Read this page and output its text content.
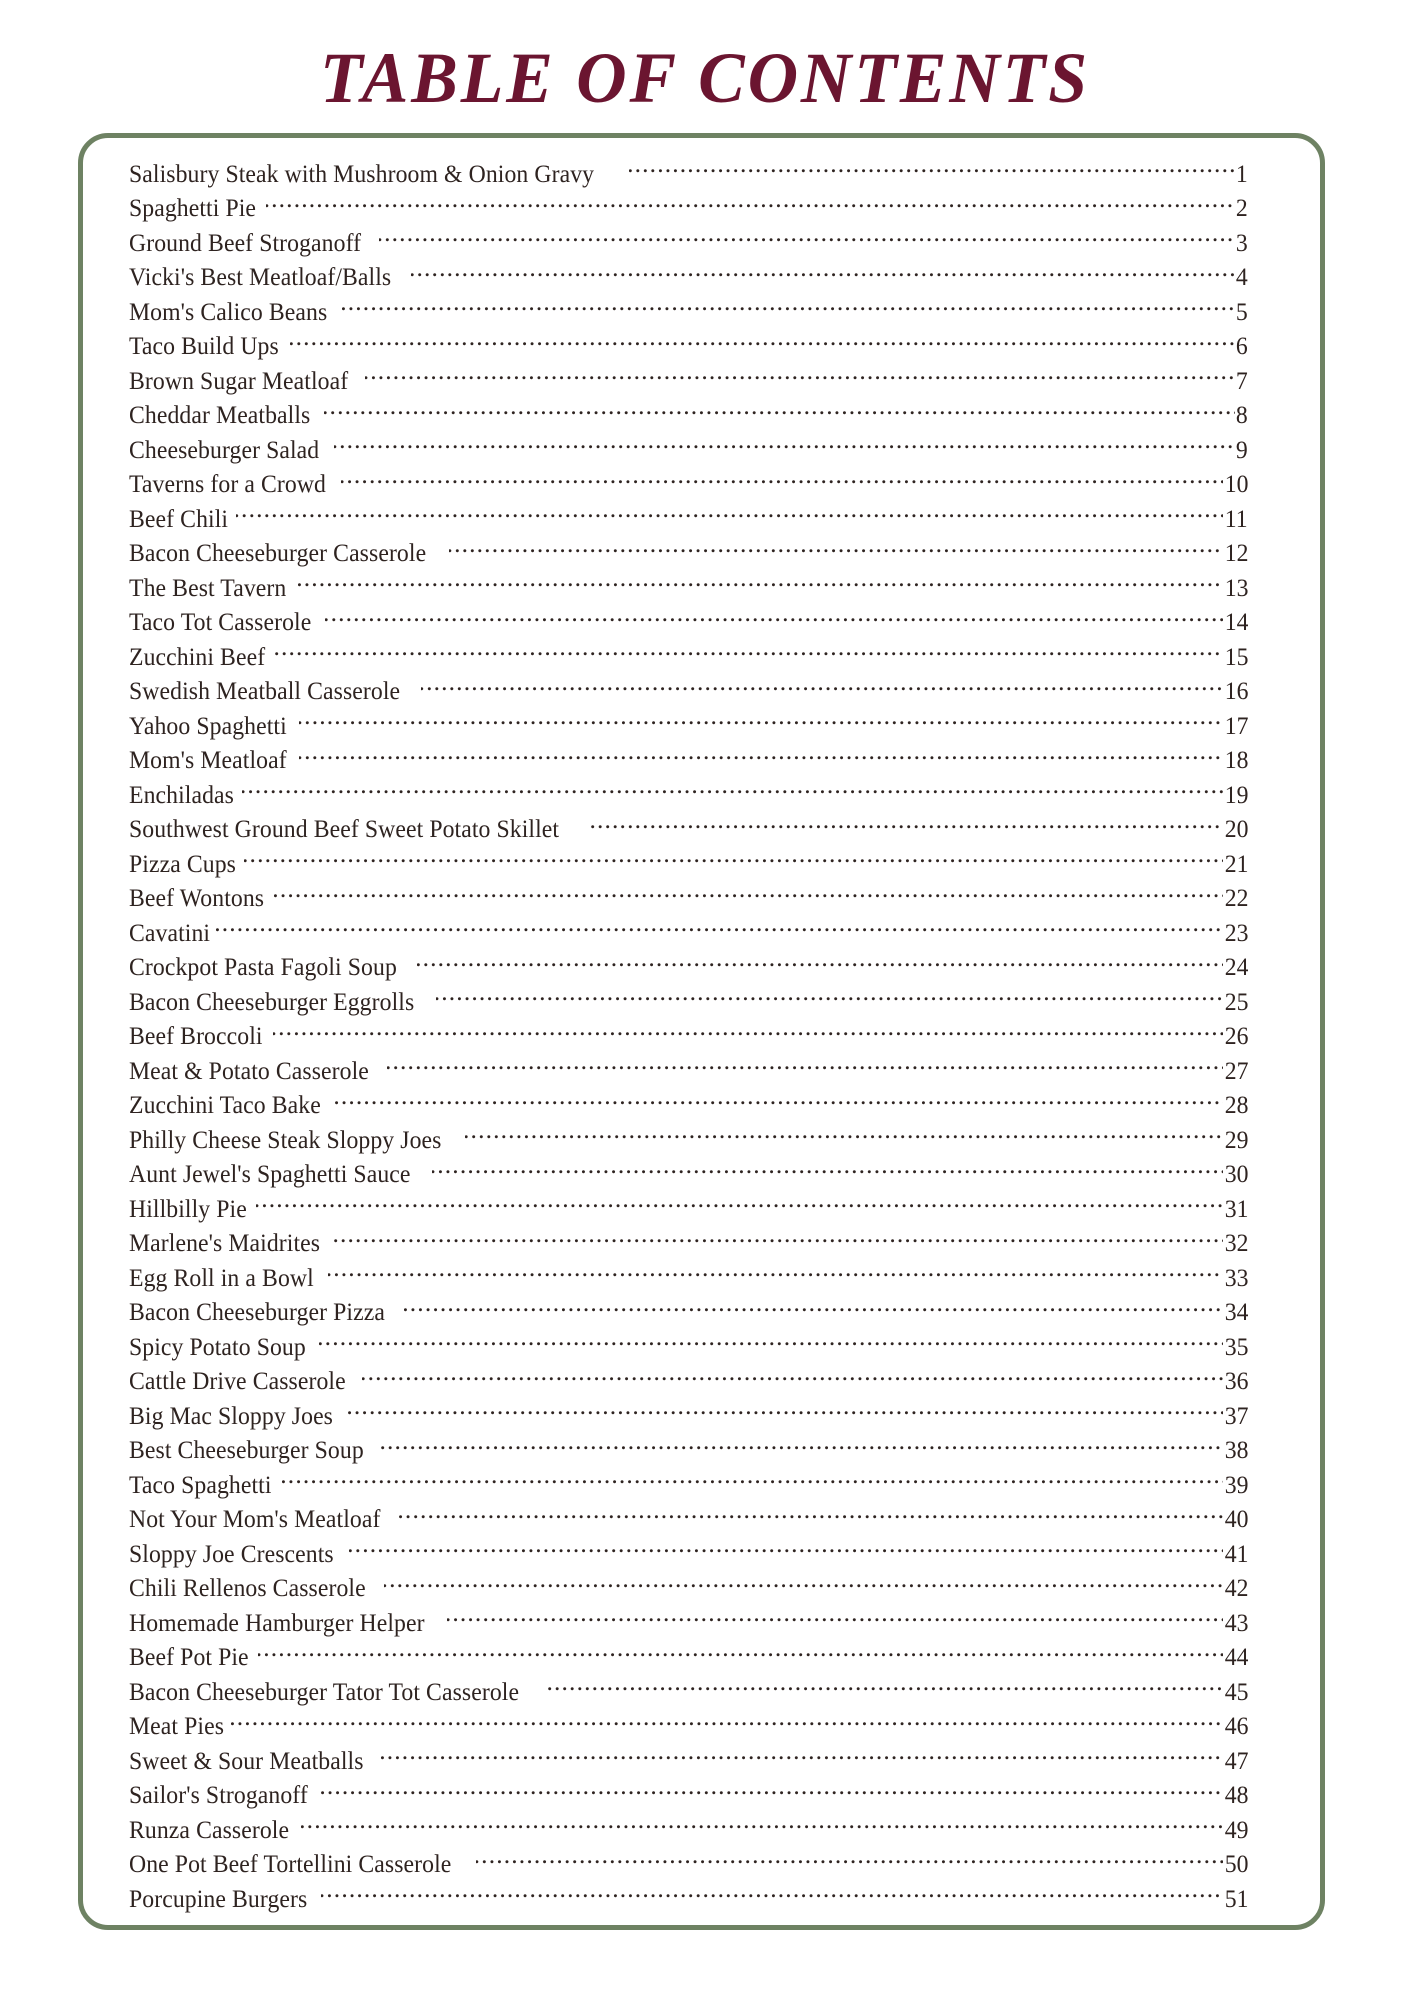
TABLE OF CONTENTS
Salisbury Steak with Mushroom & Onion Gravy .....	1
Spaghetti Pie .....	2
Ground Beef Stroganoff .....	3
Vicki's Best Meatloaf/Balls .....	4
Mom's Calico Beans .....	5
Taco Build Ups .....	6
Brown Sugar Meatloaf .....	7
Cheddar Meatballs .....	8
Cheeseburger Salad .....	9
Taverns for a Crowd .....	10
Beef Chili .....	11
Bacon Cheeseburger Casserole .....	12
The Best Tavern .....	13
Taco Tot Casserole .....	14
Zucchini Beef .....	15
Swedish Meatball Casserole .....	16
Yahoo Spaghetti .....	17
Mom's Meatloaf .....	18
Enchiladas .....	19
Southwest Ground Beef Sweet Potato Skillet .....	20
Pizza Cups .....	21
Beef Wontons .....	22
Cavatini .....	23
Crockpot Pasta Fagoli Soup .....	24
Bacon Cheeseburger Eggrolls .....	25
Beef Broccoli .....	26
Meat & Potato Casserole .....	27
Zucchini Taco Bake .....	28
Philly Cheese Steak Sloppy Joes .....	29
Aunt Jewel's Spaghetti Sauce .....	30
Hillbilly Pie .....	31
Marlene's Maidrites .....	32
Egg Roll in a Bowl .....	33
Bacon Cheeseburger Pizza .....	34
Spicy Potato Soup .....	35
Cattle Drive Casserole .....	36
Big Mac Sloppy Joes .....	37
Best Cheeseburger Soup .....	38
Taco Spaghetti .....	39
Not Your Mom's Meatloaf .....	40
Sloppy Joe Crescents .....	41
Chili Rellenos Casserole .....	42
Homemade Hamburger Helper .....	43
Beef Pot Pie .....	44
Bacon Cheeseburger Tator Tot Casserole .....	45
Meat Pies .....	46
Sweet & Sour Meatballs .....	47
Sailor's Stroganoff .....	48
Runza Casserole .....	49
One Pot Beef Tortellini Casserole .....	50
Porcupine Burgers .....	51
